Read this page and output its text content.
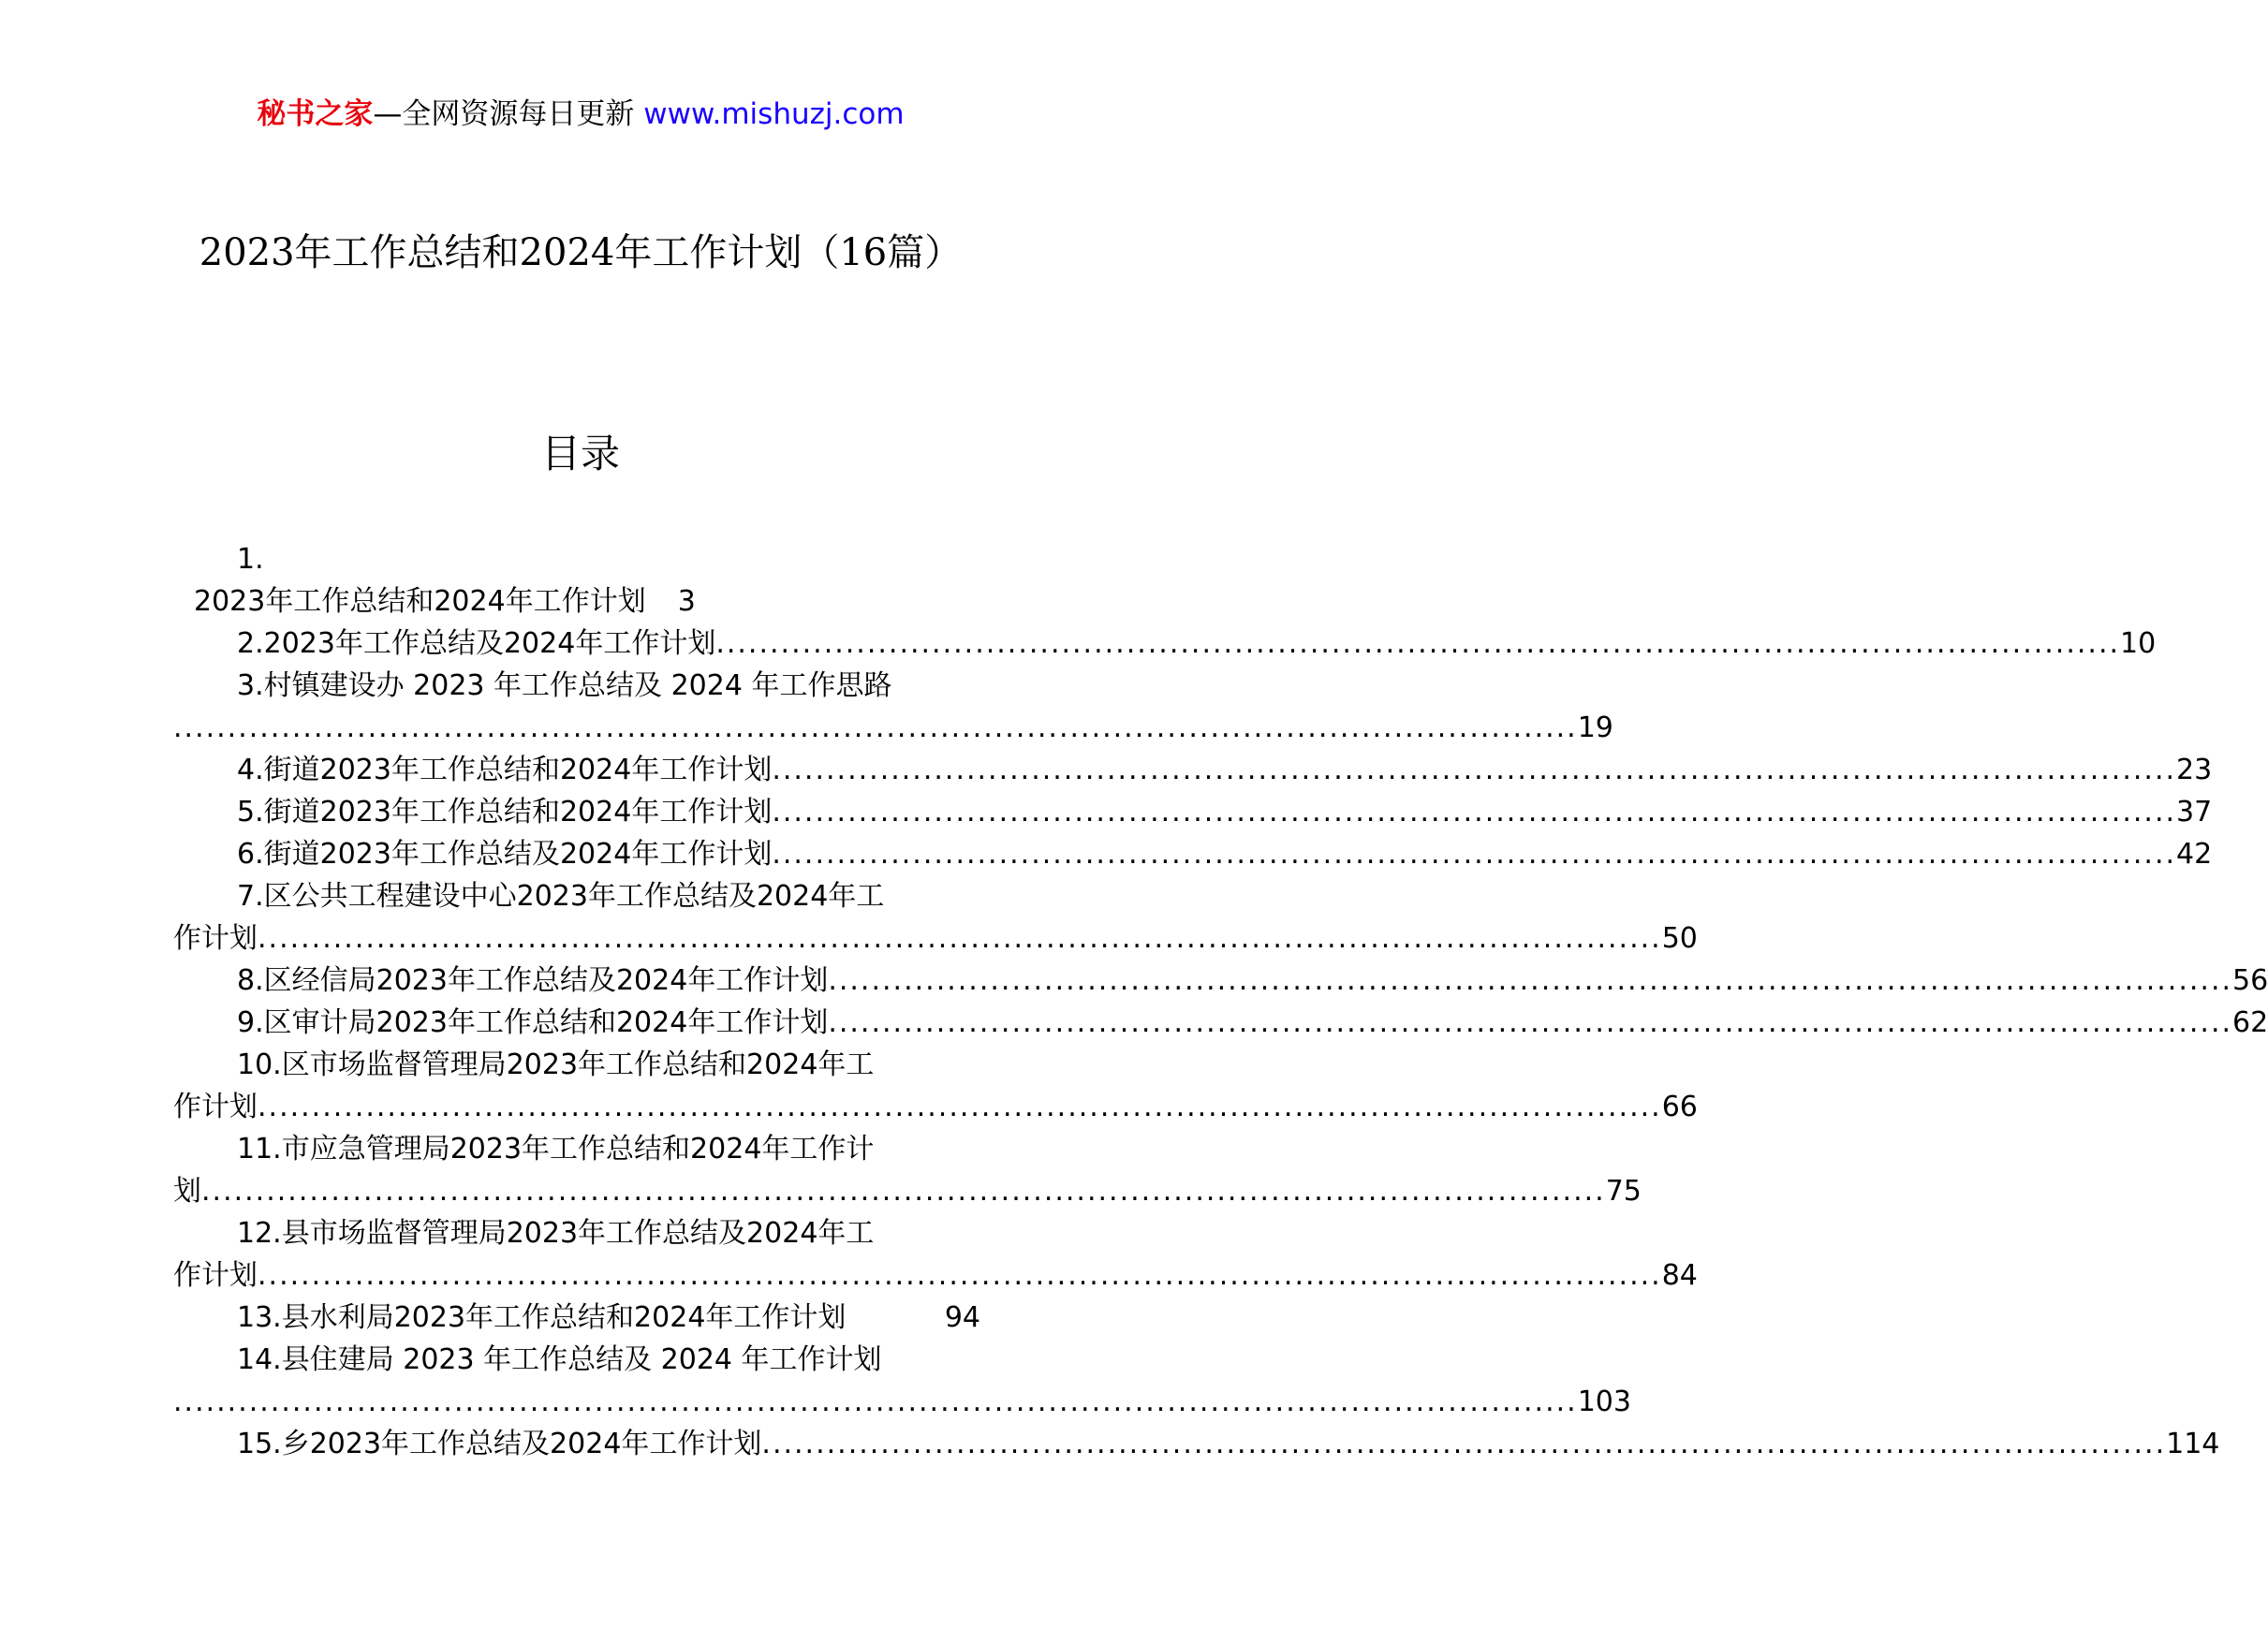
秘书之家—全网资源每日更新 www.mishuzj.com
2023年工作总结和2024年工作计划（16篇）
目录
1.
2023年工作总结和2024年工作计划 3
2.2023年工作总结及2024年工作计划 .................................................................................................................................. 10
3.村镇建设办 2023 年工作总结及 2024 年工作思路
.................................................................................................................................. 19
4.街道2023年工作总结和2024年工作计划 .................................................................................................................................. 23
5.街道2023年工作总结和2024年工作计划 .................................................................................................................................. 37
6.街道2023年工作总结及2024年工作计划 .................................................................................................................................. 42
7.区公共工程建设中心2023年工作总结及2024年工
作计划 .................................................................................................................................. 50
8.区经信局2023年工作总结及2024年工作计划 .................................................................................................................................. 56
9.区审计局2023年工作总结和2024年工作计划 .................................................................................................................................. 62
10.区市场监督管理局2023年工作总结和2024年工
作计划 .................................................................................................................................. 66
11.市应急管理局2023年工作总结和2024年工作计
划 .................................................................................................................................. 75
12.县市场监督管理局2023年工作总结及2024年工
作计划 .................................................................................................................................. 84
13.县水利局2023年工作总结和2024年工作计划	94
14.县住建局 2023 年工作总结及 2024 年工作计划
.................................................................................................................................. 103
15.乡2023年工作总结及2024年工作计划 .................................................................................................................................. 114
